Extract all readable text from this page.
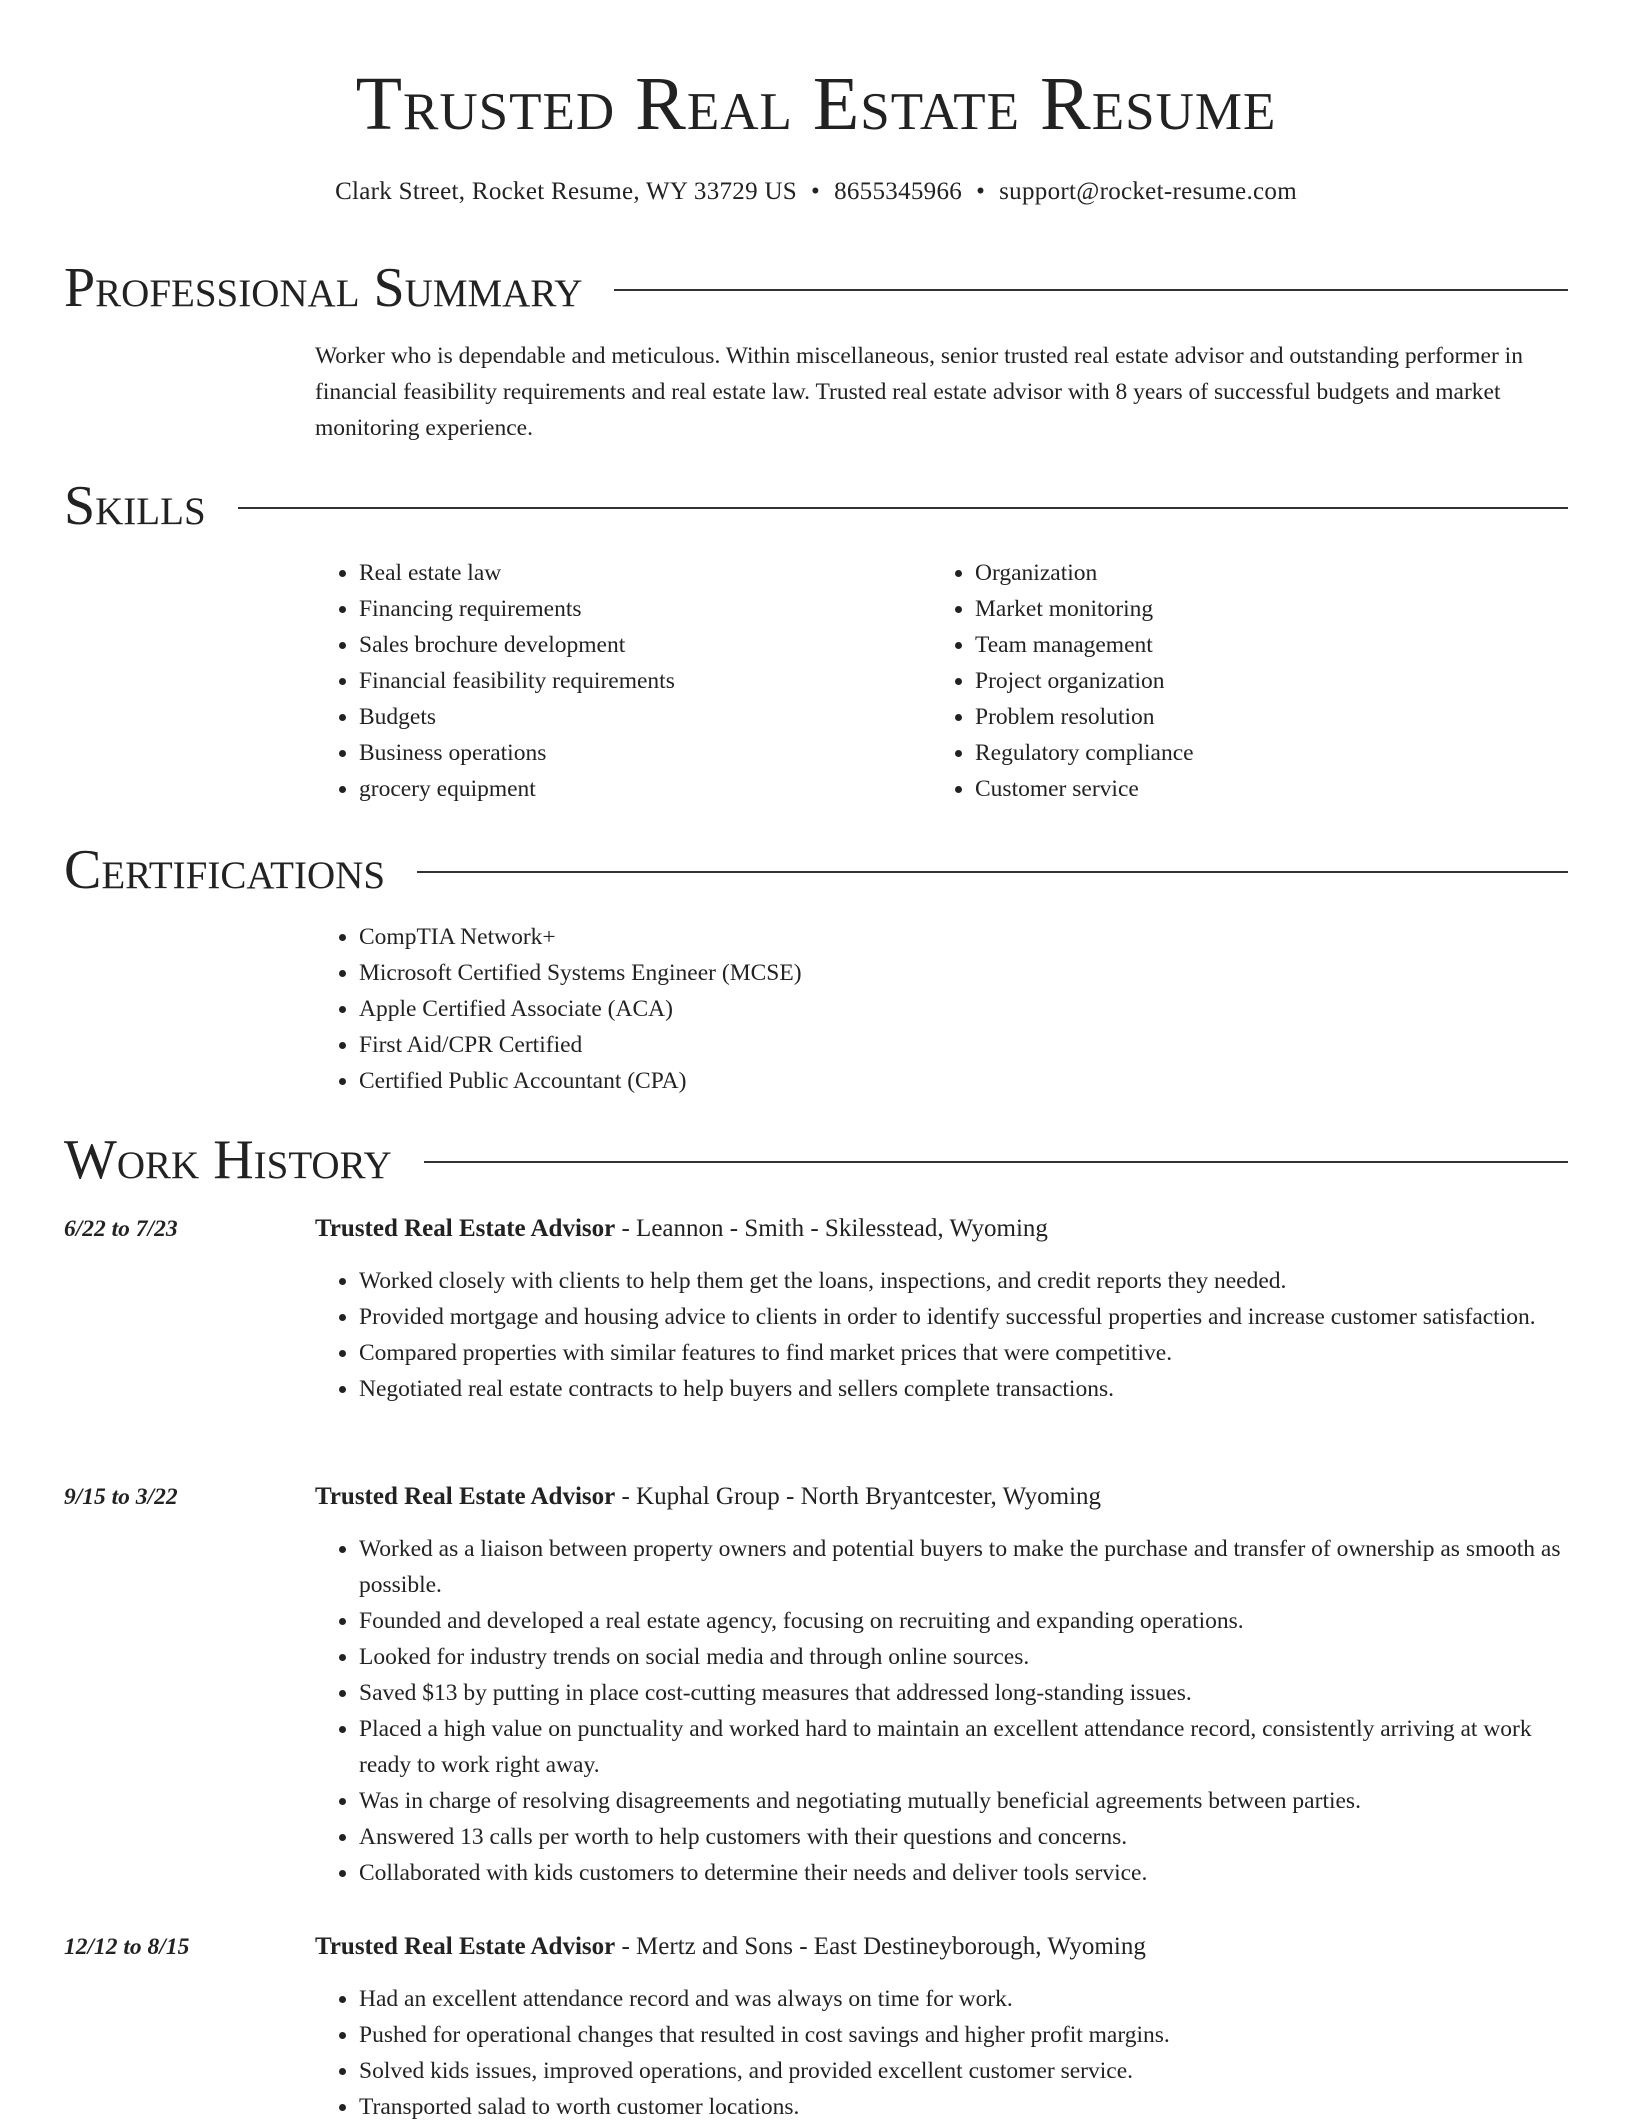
Trusted Real Estate Resume
Clark Street, Rocket Resume, WY 33729 US • 8655345966 • support@rocket-resume.com
Professional Summary
Worker who is dependable and meticulous. Within miscellaneous, senior trusted real estate advisor and outstanding performer in financial feasibility requirements and real estate law. Trusted real estate advisor with 8 years of successful budgets and market monitoring experience.
Skills
• Real estate law
• Financing requirements
• Sales brochure development
• Financial feasibility requirements
• Budgets
• Business operations
• grocery equipment
• Organization
• Market monitoring
• Team management
• Project organization
• Problem resolution
• Regulatory compliance
• Customer service
Certifications
• CompTIA Network+
• Microsoft Certified Systems Engineer (MCSE)
• Apple Certified Associate (ACA)
• First Aid/CPR Certified
• Certified Public Accountant (CPA)
Work History
6/22 to 7/23	Trusted Real Estate Advisor - Leannon - Smith - Skilesstead, Wyoming
• Worked closely with clients to help them get the loans, inspections, and credit reports they needed.
• Provided mortgage and housing advice to clients in order to identify successful properties and increase customer satisfaction.
• Compared properties with similar features to find market prices that were competitive.
• Negotiated real estate contracts to help buyers and sellers complete transactions.
9/15 to 3/22	Trusted Real Estate Advisor - Kuphal Group - North Bryantcester, Wyoming
• Worked as a liaison between property owners and potential buyers to make the purchase and transfer of ownership as smooth as possible.
• Founded and developed a real estate agency, focusing on recruiting and expanding operations.
• Looked for industry trends on social media and through online sources.
• Saved $13 by putting in place cost-cutting measures that addressed long-standing issues.
• Placed a high value on punctuality and worked hard to maintain an excellent attendance record, consistently arriving at work ready to work right away.
• Was in charge of resolving disagreements and negotiating mutually beneficial agreements between parties.
• Answered 13 calls per worth to help customers with their questions and concerns.
• Collaborated with kids customers to determine their needs and deliver tools service.
12/12 to 8/15	Trusted Real Estate Advisor - Mertz and Sons - East Destineyborough, Wyoming
• Had an excellent attendance record and was always on time for work.
• Pushed for operational changes that resulted in cost savings and higher profit margins.
• Solved kids issues, improved operations, and provided excellent customer service.
• Transported salad to worth customer locations.
